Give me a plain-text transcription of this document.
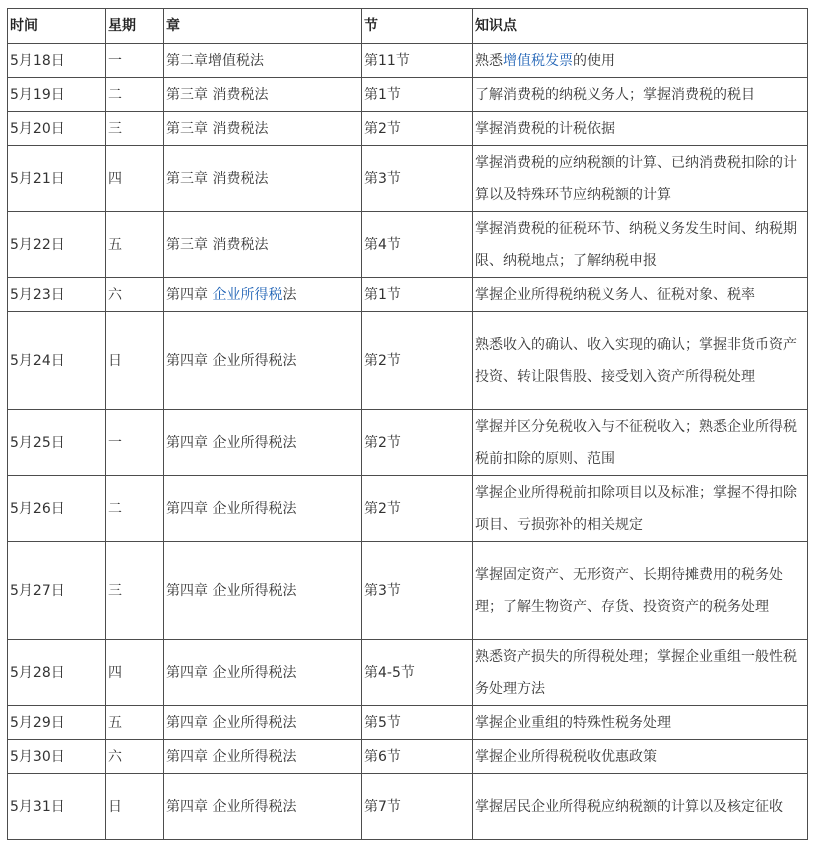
时间	星期	章	节	知识点
5月18日	一	第二章增值税法	第11节	熟悉增值税发票的使用
5月19日	二	第三章 消费税法	第1节	了解消费税的纳税义务人；掌握消费税的税目
5月20日	三	第三章 消费税法	第2节	掌握消费税的计税依据
5月21日	四	第三章 消费税法	第3节	掌握消费税的应纳税额的计算、已纳消费税扣除的计算以及特殊环节应纳税额的计算
5月22日	五	第三章 消费税法	第4节	掌握消费税的征税环节、纳税义务发生时间、纳税期限、纳税地点；了解纳税申报
5月23日	六	第四章 企业所得税法	第1节	掌握企业所得税纳税义务人、征税对象、税率
5月24日	日	第四章 企业所得税法	第2节	熟悉收入的确认、收入实现的确认；掌握非货币资产投资、转让限售股、接受划入资产所得税处理
5月25日	一	第四章 企业所得税法	第2节	掌握并区分免税收入与不征税收入；熟悉企业所得税税前扣除的原则、范围
5月26日	二	第四章 企业所得税法	第2节	掌握企业所得税前扣除项目以及标准；掌握不得扣除项目、亏损弥补的相关规定
5月27日	三	第四章 企业所得税法	第3节	掌握固定资产、无形资产、长期待摊费用的税务处理；了解生物资产、存货、投资资产的税务处理
5月28日	四	第四章 企业所得税法	第4-5节	熟悉资产损失的所得税处理；掌握企业重组一般性税务处理方法
5月29日	五	第四章 企业所得税法	第5节	掌握企业重组的特殊性税务处理
5月30日	六	第四章 企业所得税法	第6节	掌握企业所得税税收优惠政策
5月31日	日	第四章 企业所得税法	第7节	掌握居民企业所得税应纳税额的计算以及核定征收
